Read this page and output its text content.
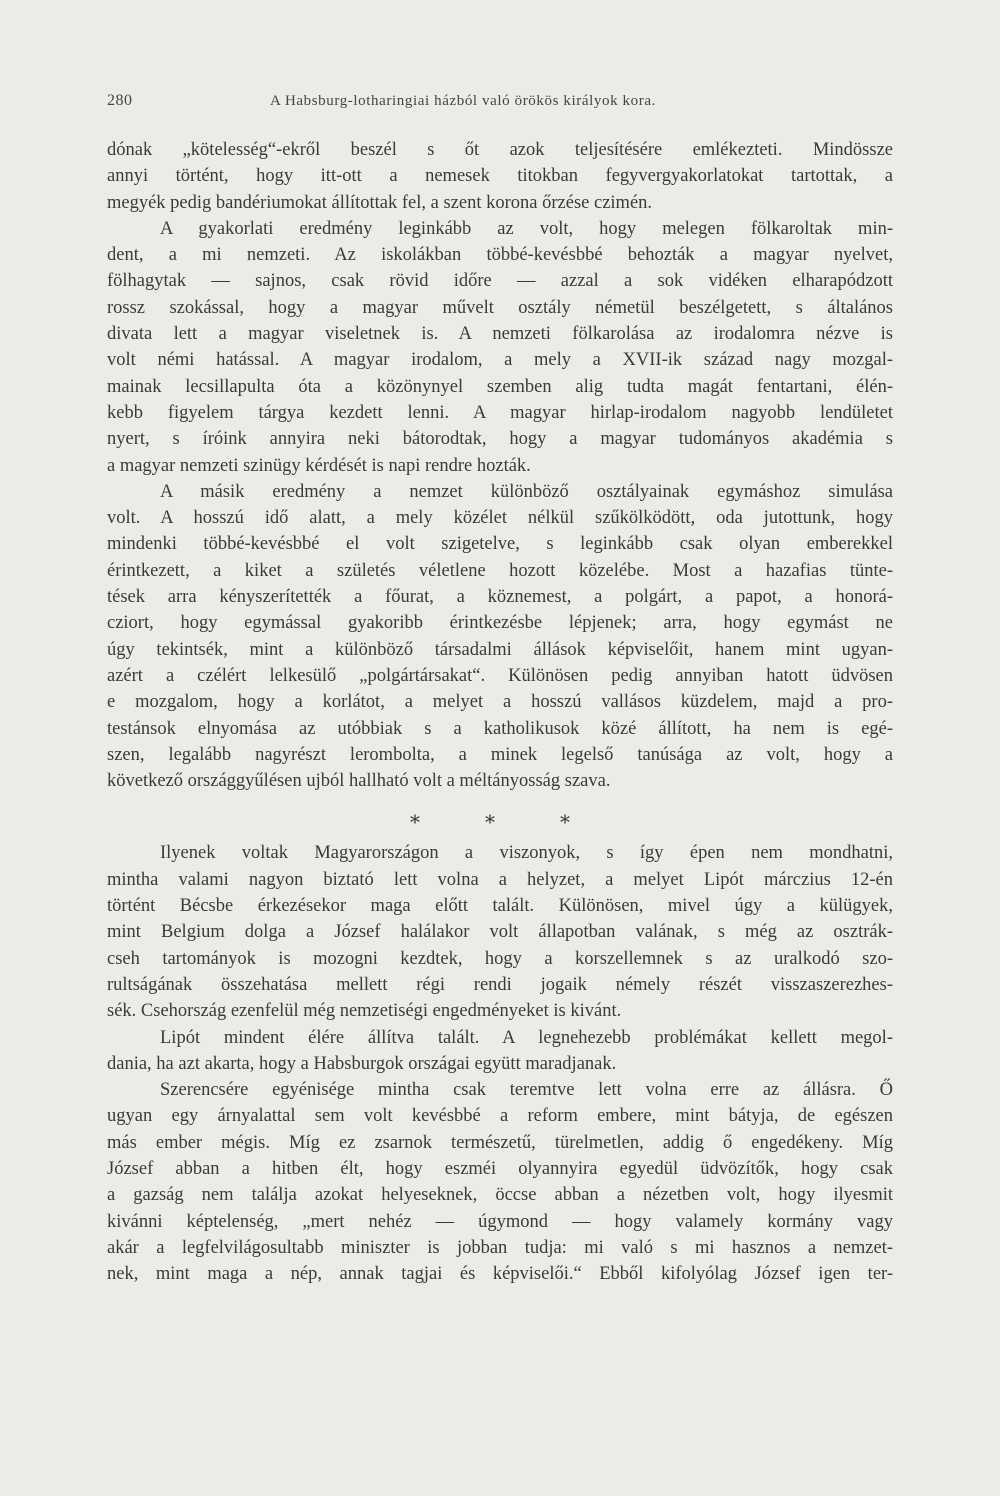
280	A Habsburg-lotharingiai házból való örökös királyok kora.
dónak „kötelesség“-ekről beszél s őt azok teljesítésére emlékezteti. Mindössze
annyi történt, hogy itt-ott a nemesek titokban fegyvergyakorlatokat tartottak, a
megyék pedig bandériumokat állítottak fel, a szent korona őrzése czimén.
A gyakorlati eredmény leginkább az volt, hogy melegen fölkaroltak min-
dent, a mi nemzeti. Az iskolákban többé-kevésbbé behozták a magyar nyelvet,
fölhagytak — sajnos, csak rövid időre — azzal a sok vidéken elharapódzott
rossz szokással, hogy a magyar művelt osztály németül beszélgetett, s általános
divata lett a magyar viseletnek is. A nemzeti fölkarolása az irodalomra nézve is
volt némi hatással. A magyar irodalom, a mely a XVII-ik század nagy mozgal-
mainak lecsillapulta óta a közönynyel szemben alig tudta magát fentartani, élén-
kebb figyelem tárgya kezdett lenni. A magyar hirlap-irodalom nagyobb lendületet
nyert, s íróink annyira neki bátorodtak, hogy a magyar tudományos akadémia s
a magyar nemzeti szinügy kérdését is napi rendre hozták.
A másik eredmény a nemzet különböző osztályainak egymáshoz simulása
volt. A hosszú idő alatt, a mely közélet nélkül szűkölködött, oda jutottunk, hogy
mindenki többé-kevésbbé el volt szigetelve, s leginkább csak olyan emberekkel
érintkezett, a kiket a születés véletlene hozott közelébe. Most a hazafias tünte-
tések arra kényszerítették a főurat, a köznemest, a polgárt, a papot, a honorá-
cziort, hogy egymással gyakoribb érintkezésbe lépjenek; arra, hogy egymást ne
úgy tekintsék, mint a különböző társadalmi állások képviselőit, hanem mint ugyan-
azért a czélért lelkesülő „polgártársakat“. Különösen pedig annyiban hatott üdvösen
e mozgalom, hogy a korlátot, a melyet a hosszú vallásos küzdelem, majd a pro-
testánsok elnyomása az utóbbiak s a katholikusok közé állított, ha nem is egé-
szen, legalább nagyrészt lerombolta, a minek legelső tanúsága az volt, hogy a
következő országgyűlésen ujból hallható volt a méltányosság szava.
⁎ ⁎ ⁎
Ilyenek voltak Magyarországon a viszonyok, s így épen nem mondhatni,
mintha valami nagyon biztató lett volna a helyzet, a melyet Lipót márczius 12-én
történt Bécsbe érkezésekor maga előtt talált. Különösen, mivel úgy a külügyek,
mint Belgium dolga a József halálakor volt állapotban valának, s még az osztrák-
cseh tartományok is mozogni kezdtek, hogy a korszellemnek s az uralkodó szo-
rultságának összehatása mellett régi rendi jogaik némely részét visszaszerezhes-
sék. Csehország ezenfelül még nemzetiségi engedményeket is kivánt.
Lipót mindent élére állítva talált. A legnehezebb problémákat kellett megol-
dania, ha azt akarta, hogy a Habsburgok országai együtt maradjanak.
Szerencsére egyénisége mintha csak teremtve lett volna erre az állásra. Ő
ugyan egy árnyalattal sem volt kevésbbé a reform embere, mint bátyja, de egészen
más ember mégis. Míg ez zsarnok természetű, türelmetlen, addig ő engedékeny. Míg
József abban a hitben élt, hogy eszméi olyannyira egyedül üdvözítők, hogy csak
a gazság nem találja azokat helyeseknek, öccse abban a nézetben volt, hogy ilyesmit
kivánni képtelenség, „mert nehéz — úgymond — hogy valamely kormány vagy
akár a legfelvilágosultabb miniszter is jobban tudja: mi való s mi hasznos a nemzet-
nek, mint maga a nép, annak tagjai és képviselői.“ Ebből kifolyólag József igen ter-
